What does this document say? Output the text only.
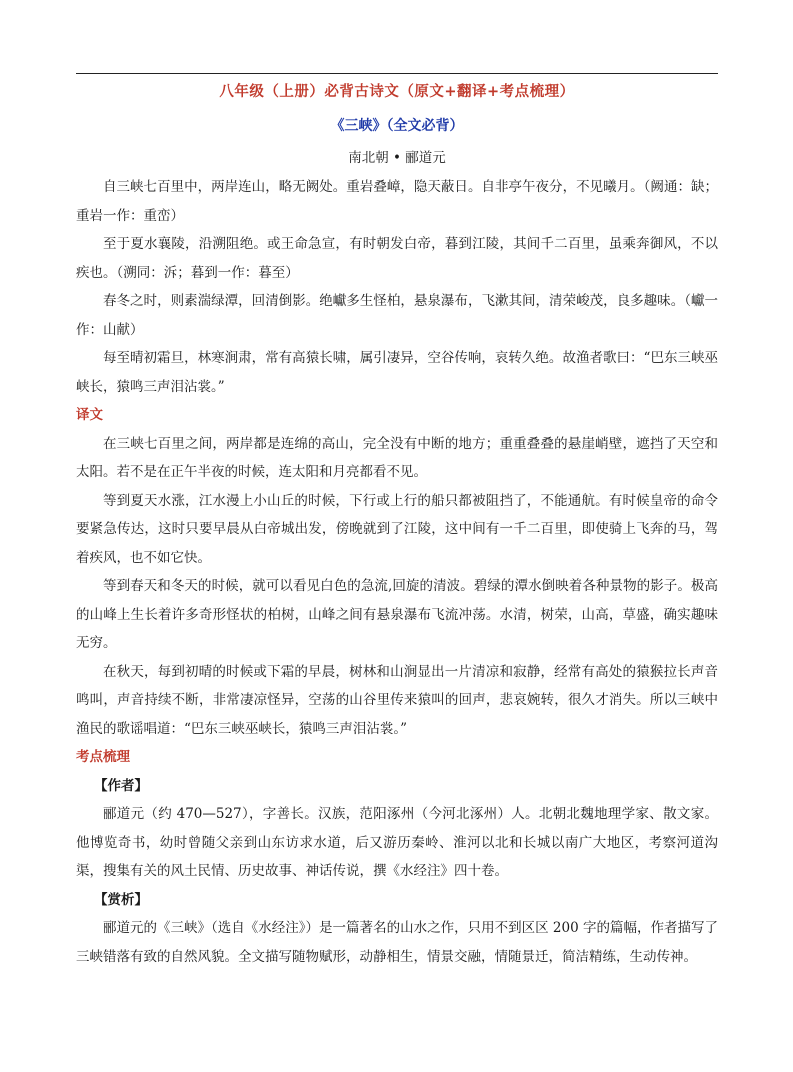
八年级（上册）必背古诗文（原文+翻译+考点梳理）
《三峡》（全文必背）
南北朝 • 郦道元

自三峡七百里中，两岸连山，略无阙处。重岩叠嶂，隐天蔽日。自非亭午夜分，不见曦月。（阙通：缺；重岩一作：重峦）

至于夏水襄陵，沿溯阻绝。或王命急宣，有时朝发白帝，暮到江陵，其间千二百里，虽乘奔御风，不以疾也。（溯同：泝；暮到一作：暮至）

春冬之时，则素湍绿潭，回清倒影。绝巘多生怪柏，悬泉瀑布，飞漱其间，清荣峻茂，良多趣味。（巘一作：山献）

每至晴初霜旦，林寒涧肃，常有高猿长啸，属引凄异，空谷传响，哀转久绝。故渔者歌曰：“巴东三峡巫峡长，猿鸣三声泪沾裳。”

译文

在三峡七百里之间，两岸都是连绵的高山，完全没有中断的地方；重重叠叠的悬崖峭壁，遮挡了天空和太阳。若不是在正午半夜的时候，连太阳和月亮都看不见。

等到夏天水涨，江水漫上小山丘的时候，下行或上行的船只都被阻挡了，不能通航。有时候皇帝的命令要紧急传达，这时只要早晨从白帝城出发，傍晚就到了江陵，这中间有一千二百里，即使骑上飞奔的马，驾着疾风，也不如它快。

等到春天和冬天的时候，就可以看见白色的急流,回旋的清波。碧绿的潭水倒映着各种景物的影子。极高的山峰上生长着许多奇形怪状的柏树，山峰之间有悬泉瀑布飞流冲荡。水清，树荣，山高，草盛，确实趣味无穷。

在秋天，每到初晴的时候或下霜的早晨，树林和山涧显出一片清凉和寂静，经常有高处的猿猴拉长声音鸣叫，声音持续不断，非常凄凉怪异，空荡的山谷里传来猿叫的回声，悲哀婉转，很久才消失。所以三峡中渔民的歌谣唱道：“巴东三峡巫峡长，猿鸣三声泪沾裳。”

考点梳理

【作者】

郦道元（约 470—527），字善长。汉族，范阳涿州（今河北涿州）人。北朝北魏地理学家、散文家。他博览奇书，幼时曾随父亲到山东访求水道，后又游历秦岭、淮河以北和长城以南广大地区，考察河道沟渠，搜集有关的风土民情、历史故事、神话传说，撰《水经注》四十卷。

【赏析】

郦道元的《三峡》（选自《水经注》）是一篇著名的山水之作，只用不到区区 200 字的篇幅，作者描写了三峡错落有致的自然风貌。全文描写随物赋形，动静相生，情景交融，情随景迁，简洁精练，生动传神。
